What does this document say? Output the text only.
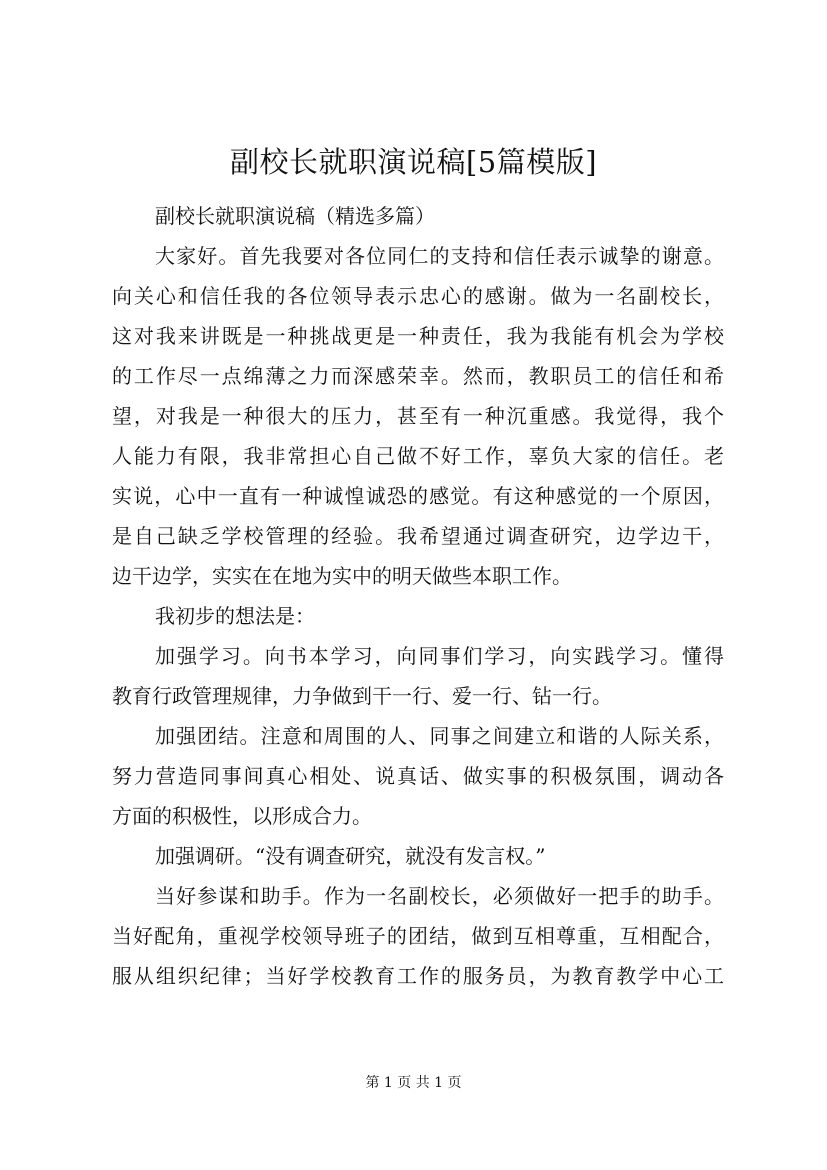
副校长就职演说稿[5篇模版]
副校长就职演说稿（精选多篇）
大家好。首先我要对各位同仁的支持和信任表示诚挚的谢意。
向关心和信任我的各位领导表示忠心的感谢。做为一名副校长，
这对我来讲既是一种挑战更是一种责任，我为我能有机会为学校
的工作尽一点绵薄之力而深感荣幸。然而，教职员工的信任和希
望，对我是一种很大的压力，甚至有一种沉重感。我觉得，我个
人能力有限，我非常担心自己做不好工作，辜负大家的信任。老
实说，心中一直有一种诚惶诚恐的感觉。有这种感觉的一个原因，
是自己缺乏学校管理的经验。我希望通过调查研究，边学边干，
边干边学，实实在在地为实中的明天做些本职工作。
我初步的想法是：
加强学习。向书本学习，向同事们学习，向实践学习。懂得
教育行政管理规律，力争做到干一行、爱一行、钻一行。
加强团结。注意和周围的人、同事之间建立和谐的人际关系，
努力营造同事间真心相处、说真话、做实事的积极氛围，调动各
方面的积极性，以形成合力。
加强调研。“没有调查研究，就没有发言权。”
当好参谋和助手。作为一名副校长，必须做好一把手的助手。
当好配角，重视学校领导班子的团结，做到互相尊重，互相配合，
服从组织纪律；当好学校教育工作的服务员，为教育教学中心工
第 1 页 共 1 页
